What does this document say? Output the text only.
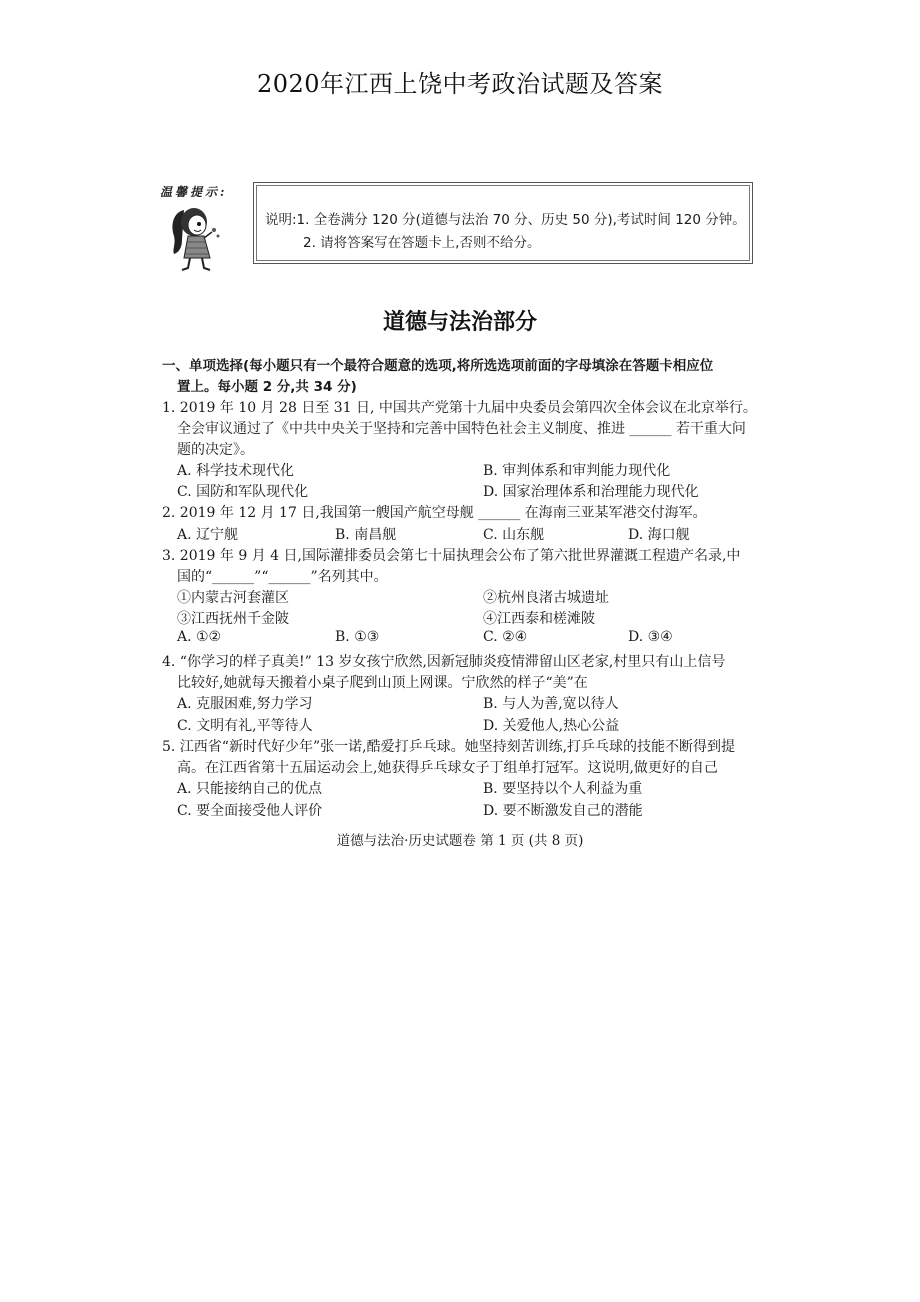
2020年江西上饶中考政治试题及答案
温馨提示:
说明:1. 全卷满分 120 分(道德与法治 70 分、历史 50 分),考试时间 120 分钟。
2. 请将答案写在答题卡上,否则不给分。
道德与法治部分
一、单项选择(每小题只有一个最符合题意的选项,将所选选项前面的字母填涂在答题卡相应位
置上。每小题 2 分,共 34 分)
1. 2019 年 10 月 28 日至 31 日, 中国共产党第十九届中央委员会第四次全体会议在北京举行。
全会审议通过了《中共中央关于坚持和完善中国特色社会主义制度、推进 ______ 若干重大问
题的决定》。
A. 科学技术现代化	B. 审判体系和审判能力现代化
C. 国防和军队现代化	D. 国家治理体系和治理能力现代化
2. 2019 年 12 月 17 日,我国第一艘国产航空母舰 ______ 在海南三亚某军港交付海军。
A. 辽宁舰	B. 南昌舰	C. 山东舰	D. 海口舰
3. 2019 年 9 月 4 日,国际灌排委员会第七十届执理会公布了第六批世界灌溉工程遗产名录,中
国的“______”“______”名列其中。
①内蒙古河套灌区	②杭州良渚古城遗址
③江西抚州千金陂	④江西泰和槎滩陂
A. ①②	B. ①③	C. ②④	D. ③④
4. “你学习的样子真美!” 13 岁女孩宁欣然,因新冠肺炎疫情滞留山区老家,村里只有山上信号
比较好,她就每天搬着小桌子爬到山顶上网课。宁欣然的样子“美”在
A. 克服困难,努力学习	B. 与人为善,宽以待人
C. 文明有礼,平等待人	D. 关爱他人,热心公益
5. 江西省“新时代好少年”张一诺,酷爱打乒乓球。她坚持刻苦训练,打乒乓球的技能不断得到提
高。在江西省第十五届运动会上,她获得乒乓球女子丁组单打冠军。这说明,做更好的自己
A. 只能接纳自己的优点	B. 要坚持以个人利益为重
C. 要全面接受他人评价	D. 要不断激发自己的潜能
道德与法治·历史试题卷 第 1 页 (共 8 页)
